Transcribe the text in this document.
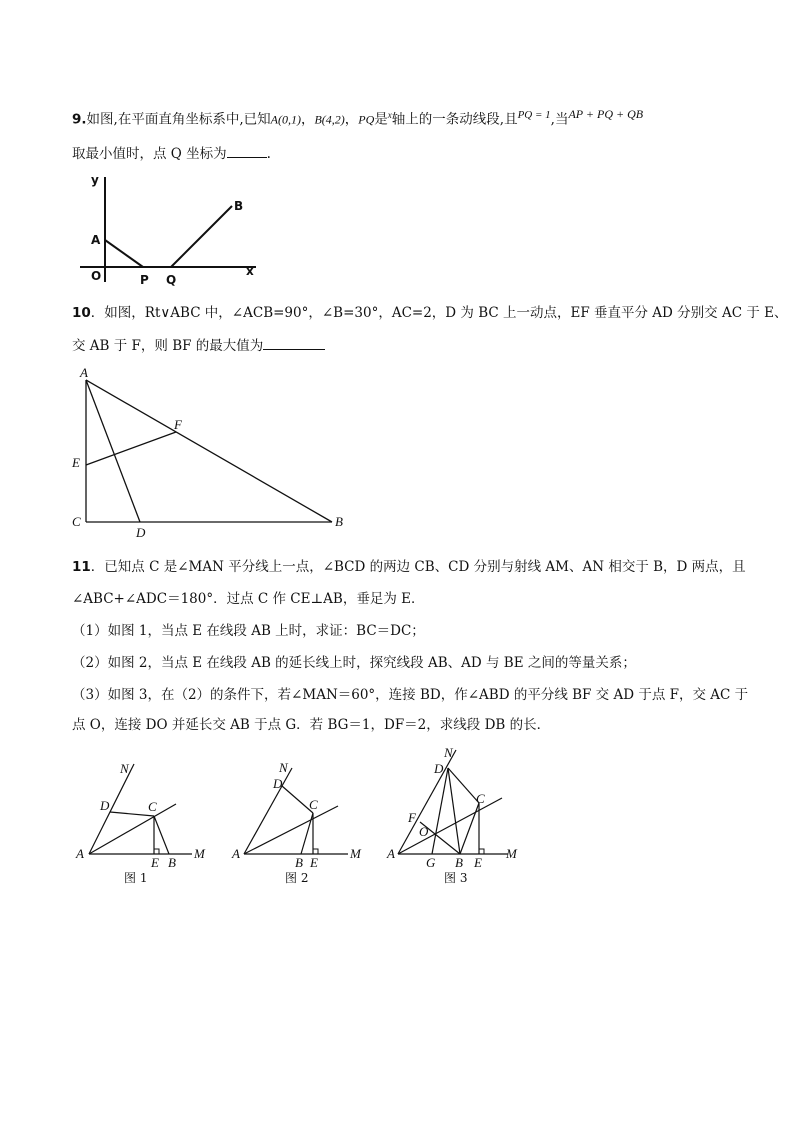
9.如图,在平面直角坐标系中,已知A(0,1)，B(4,2)，PQ是$^x$轴上的一条动线段,且$^{PQ = 1}$,当$^{AP + PQ + QB}$
取最小值时，点 Q 坐标为	.
y
x
O
A
B
P Q
10．如图，Rt∨ABC 中，∠ACB=90°，∠B=30°，AC=2，D 为 BC 上一动点，EF 垂直平分 AD 分别交 AC 于 E、
交 AB 于 F，则 BF 的最大值为
A
F
E
C
D
B
11．已知点 C 是∠MAN 平分线上一点，∠BCD 的两边 CB、CD 分别与射线 AM、AN 相交于 B，D 两点，且
∠ABC+∠ADC＝180°．过点 C 作 CE⊥AB，垂足为 E．
（1）如图 1，当点 E 在线段 AB 上时，求证：BC＝DC；
（2）如图 2，当点 E 在线段 AB 的延长线上时，探究线段 AB、AD 与 BE 之间的等量关系；
（3）如图 3，在（2）的条件下，若∠MAN＝60°，连接 BD，作∠ABD 的平分线 BF 交 AD 于点 F，交 AC 于
点 O，连接 DO 并延长交 AB 于点 G．若 BG＝1，DF＝2，求线段 DB 的长．
N
D	C
A
E B
M
图 1
N
D
C
A
B E
M
图 2
N
D
C
F
O
A
G B E
M
图 3
